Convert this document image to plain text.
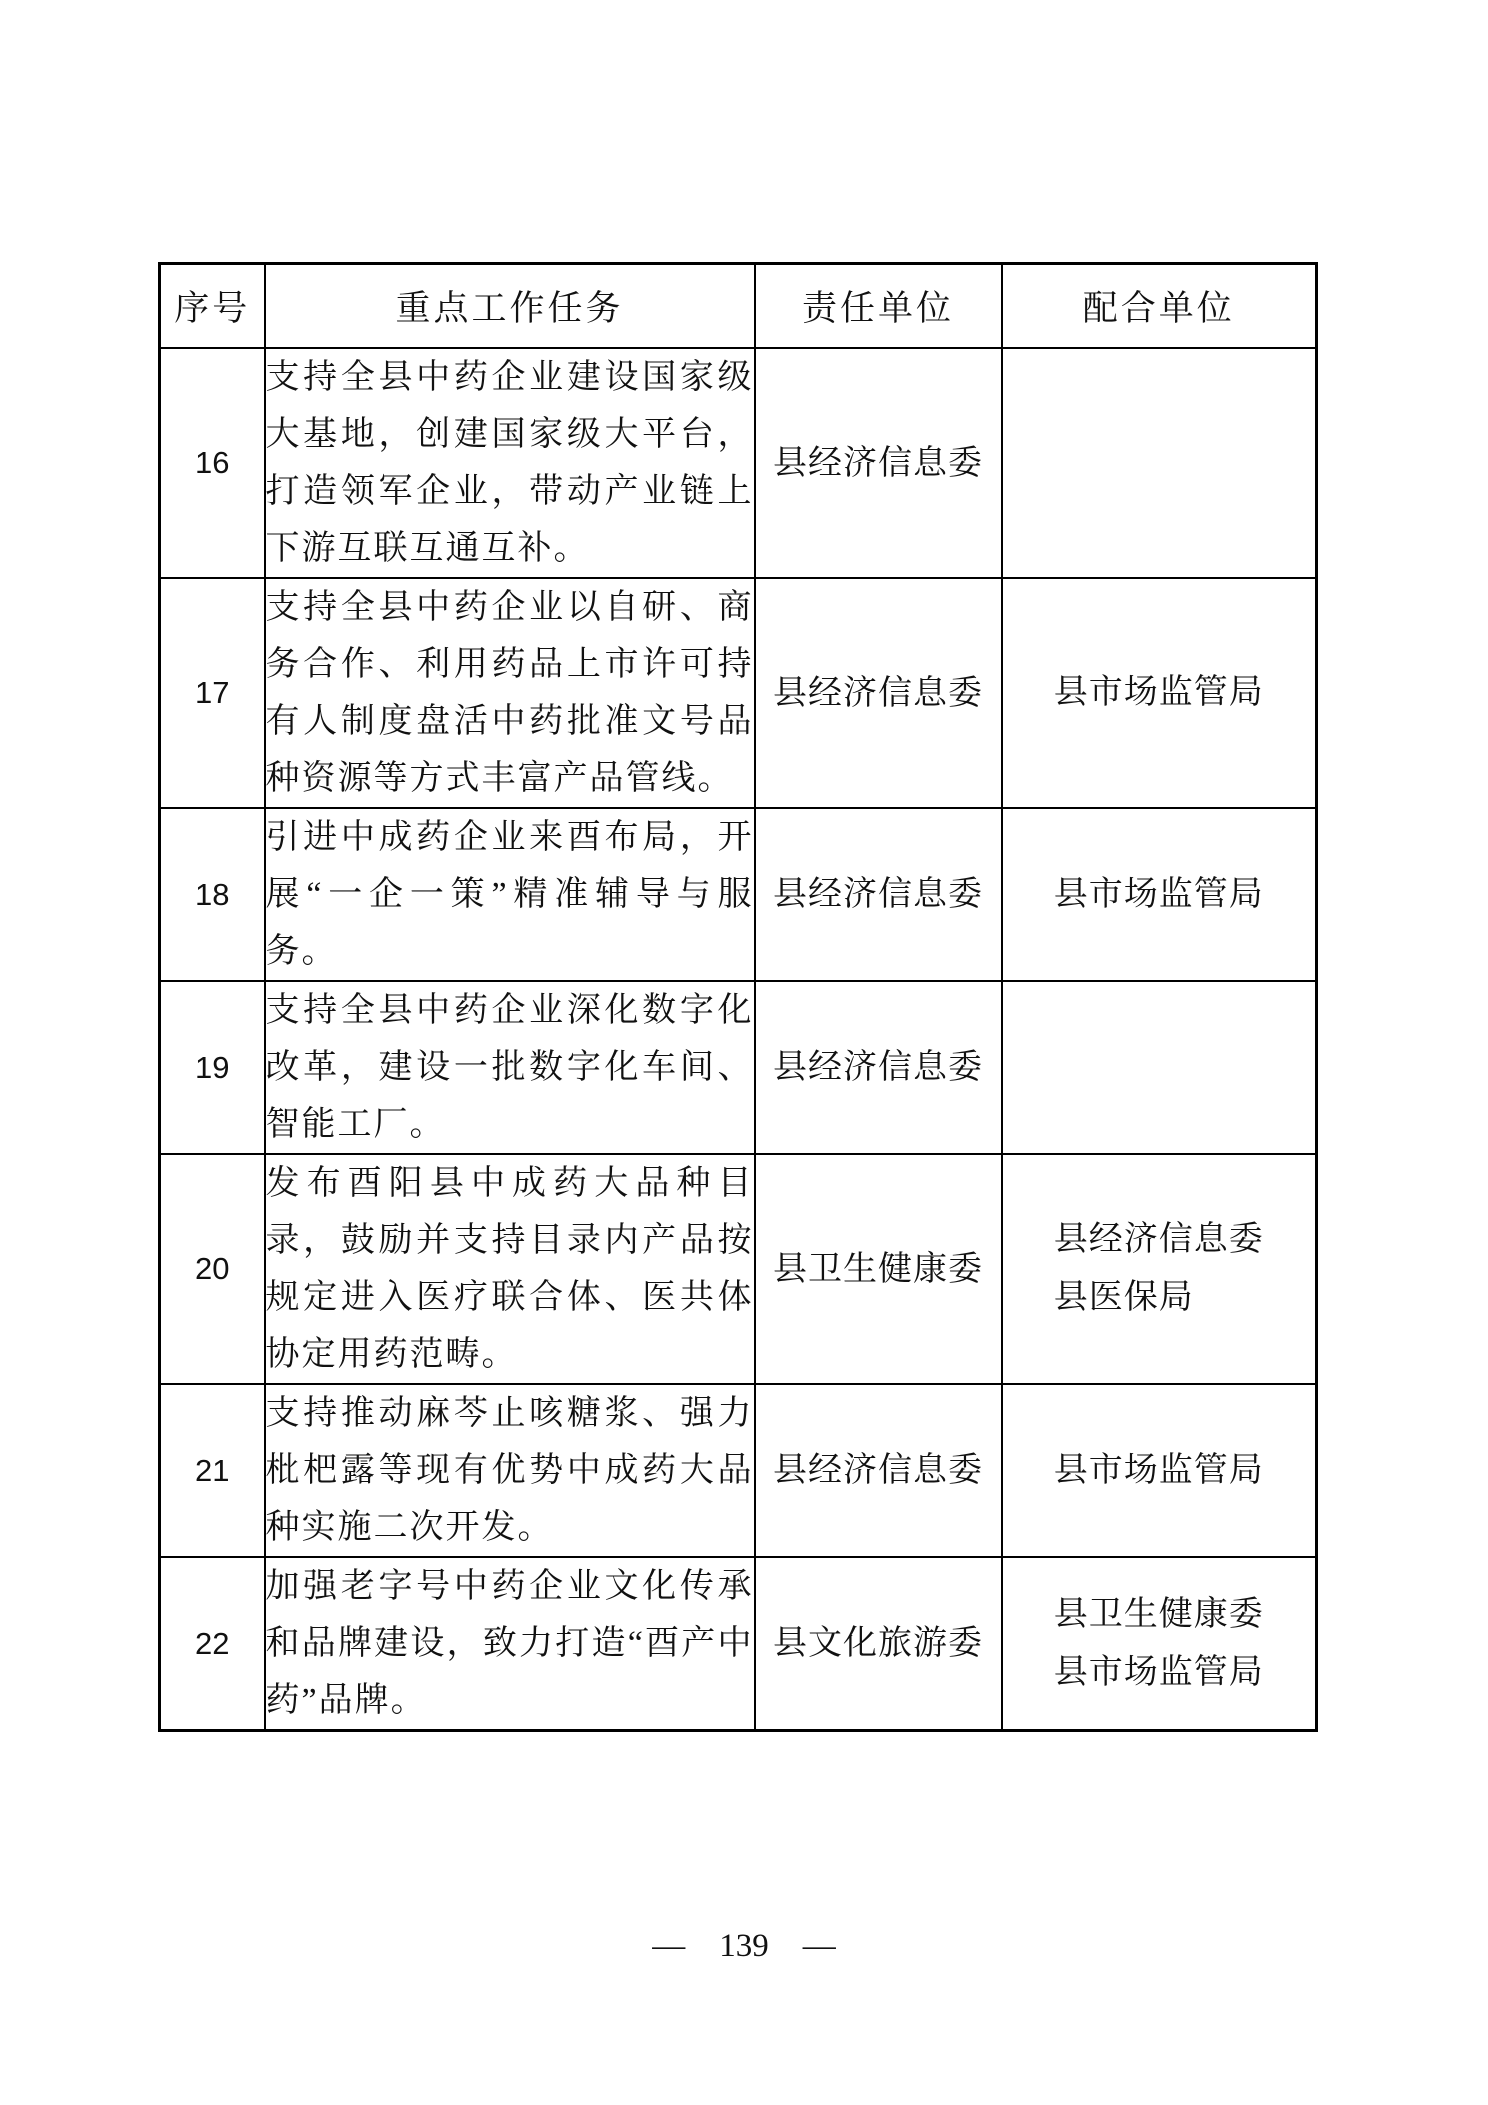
序号	重点工作任务	责任单位	配合单位
16	支持全县中药企业建设国家级大基地，创建国家级大平台，打造领军企业，带动产业链上下游互联互通互补。	县经济信息委	

17	支持全县中药企业以自研、商务合作、利用药品上市许可持有人制度盘活中药批准文号品种资源等方式丰富产品管线。	县经济信息委	县市场监管局

18	引进中成药企业来酉布局，开展“一企一策”精准辅导与服务。	县经济信息委	县市场监管局

19	支持全县中药企业深化数字化改革，建设一批数字化车间、智能工厂。	县经济信息委	

20	发布酉阳县中成药大品种目录，鼓励并支持目录内产品按规定进入医疗联合体、医共体协定用药范畴。	县卫生健康委	县经济信息委
县医保局

21	支持推动麻芩止咳糖浆、强力枇杷露等现有优势中成药大品种实施二次开发。	县经济信息委	县市场监管局

22	加强老字号中药企业文化传承和品牌建设，致力打造“酉产中药”品牌。	县文化旅游委	县卫生健康委
县市场监管局
— 139 —
